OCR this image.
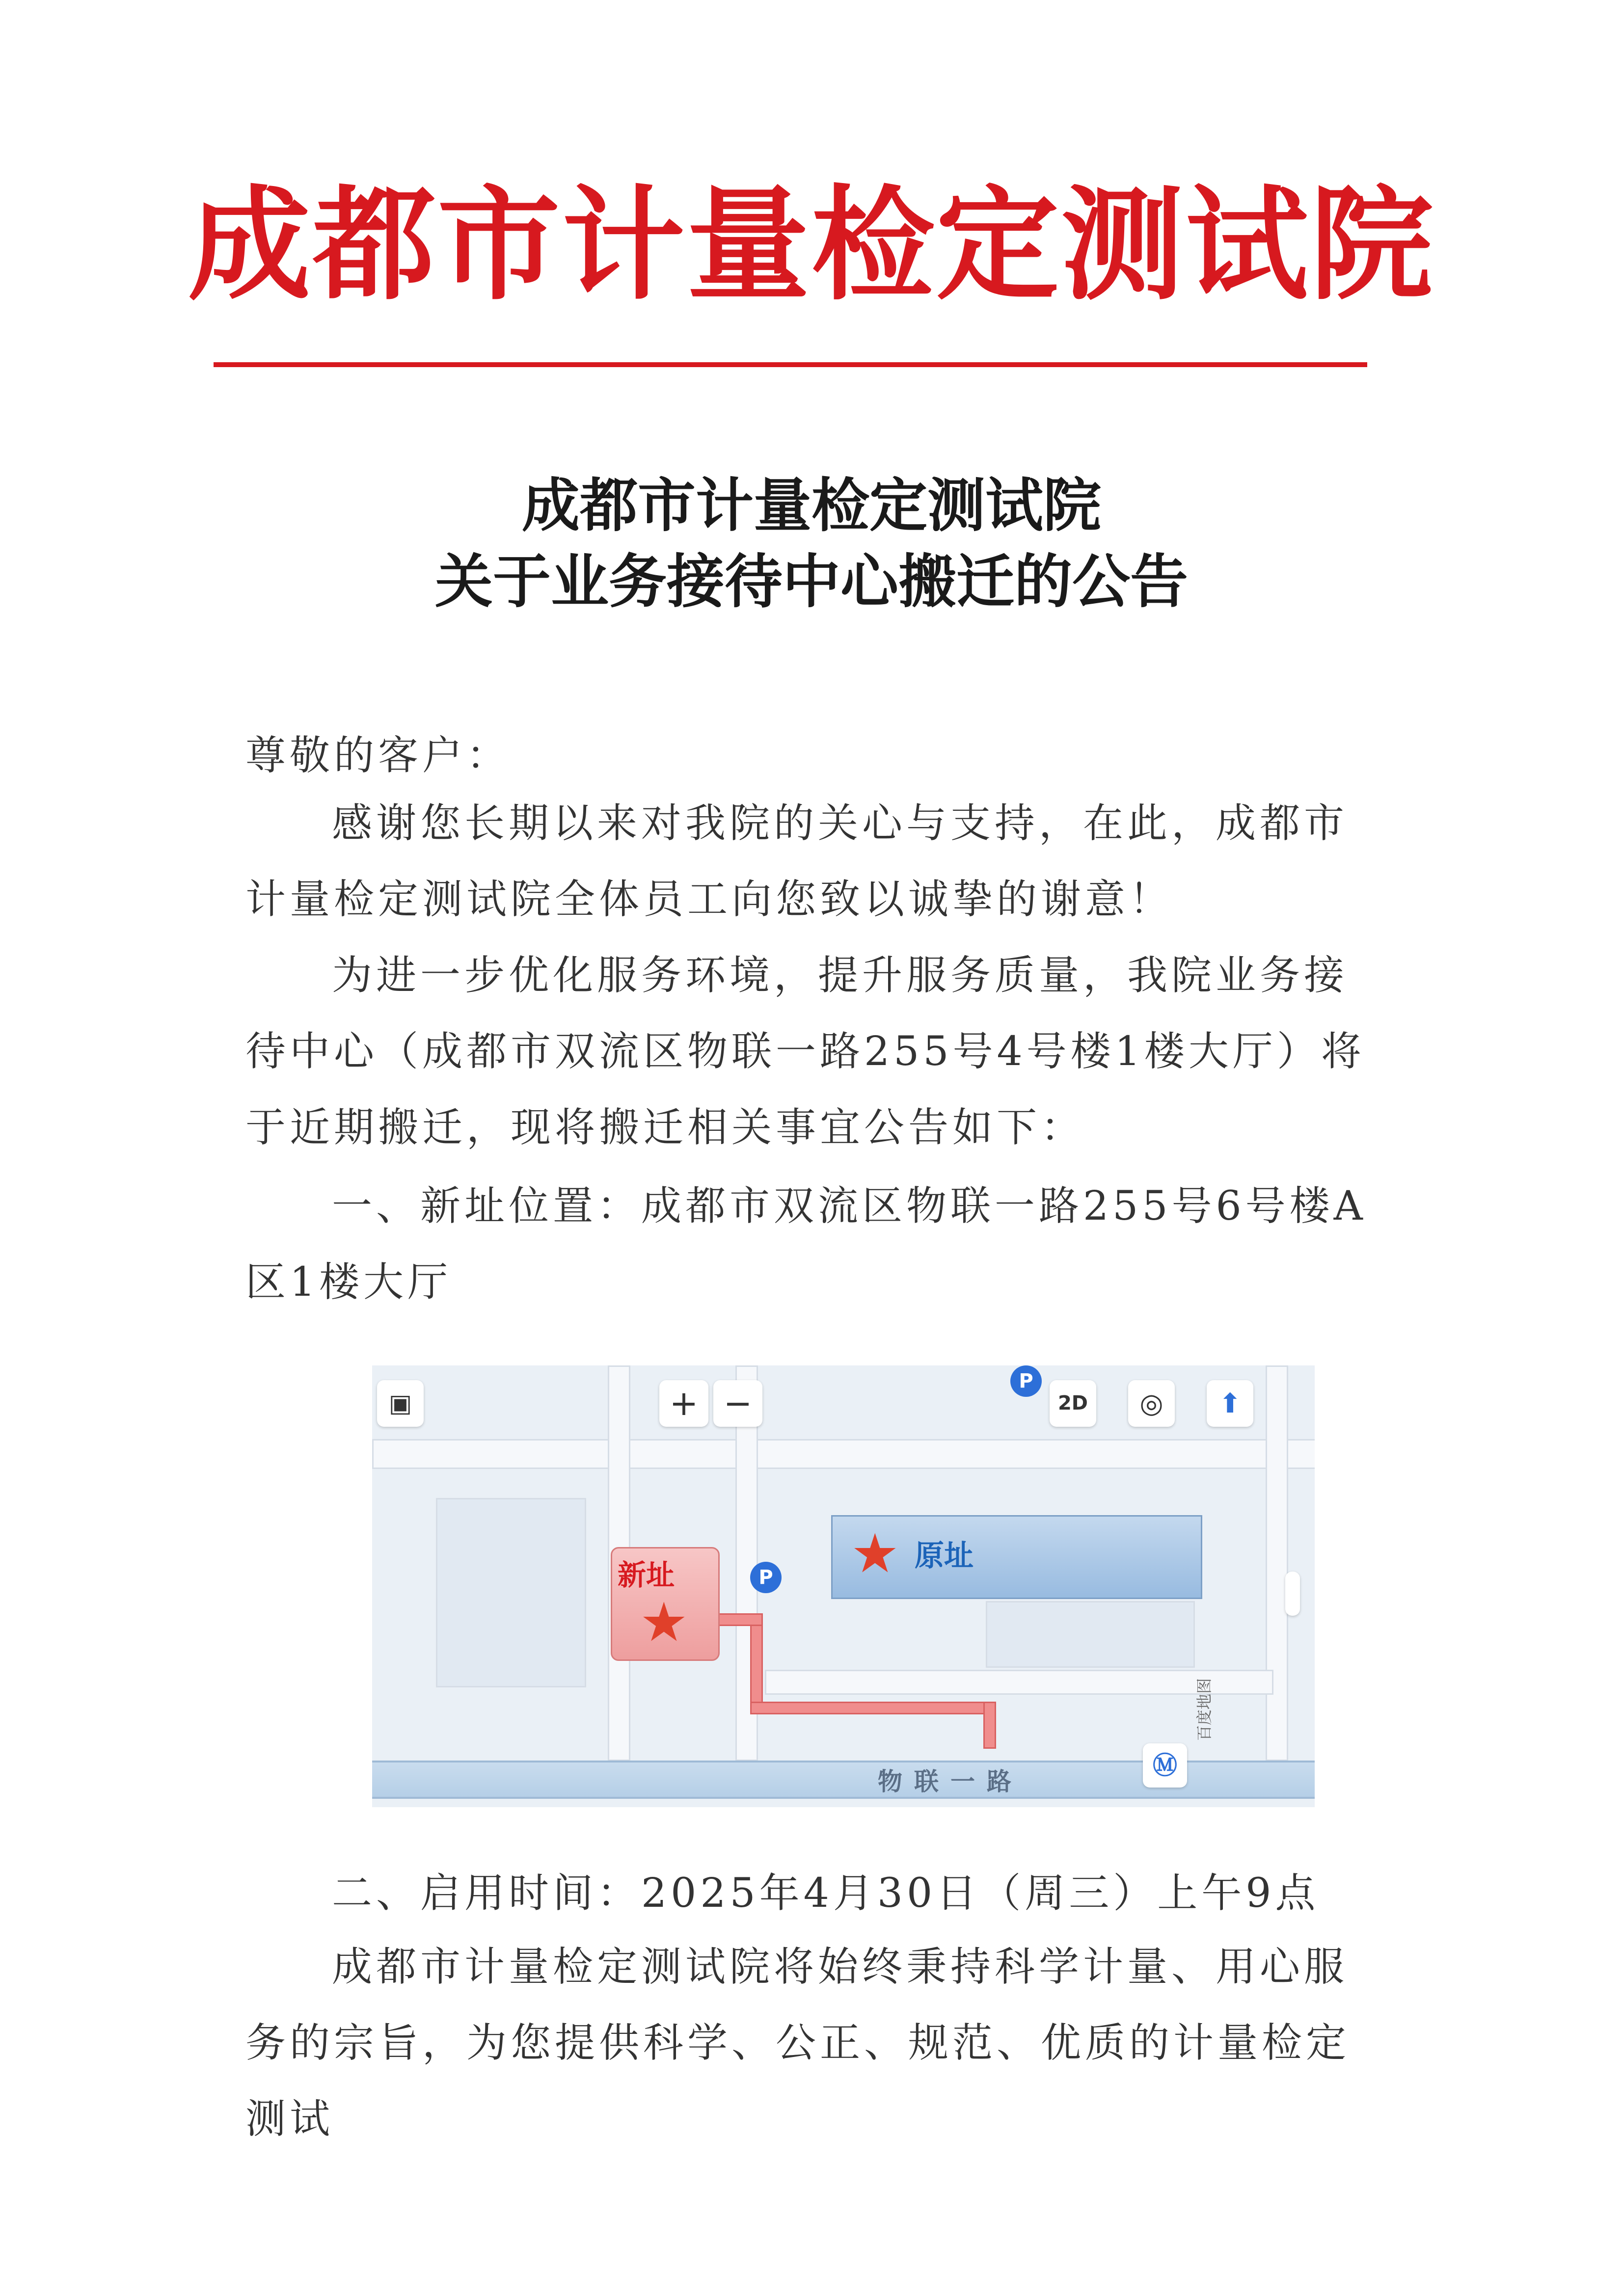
成都市计量检定测试院
成都市计量检定测试院
关于业务接待中心搬迁的公告
尊敬的客户：
感谢您长期以来对我院的关心与支持，在此，成都市计量检定测试院全体员工向您致以诚挚的谢意！
为进一步优化服务环境，提升服务质量，我院业务接待中心（成都市双流区物联一路255号4号楼1楼大厅）将于近期搬迁，现将搬迁相关事宜公告如下：
一、新址位置：成都市双流区物联一路255号6号楼A区1楼大厅
物联一路
★ 原址
新址
★
P
P
+ −	2D	◎	⬆
▣
Ⓜ
百度地图
二、启用时间：2025年4月30日（周三）上午9点
成都市计量检定测试院将始终秉持科学计量、用心服务的宗旨，为您提供科学、公正、规范、优质的计量检定测试
